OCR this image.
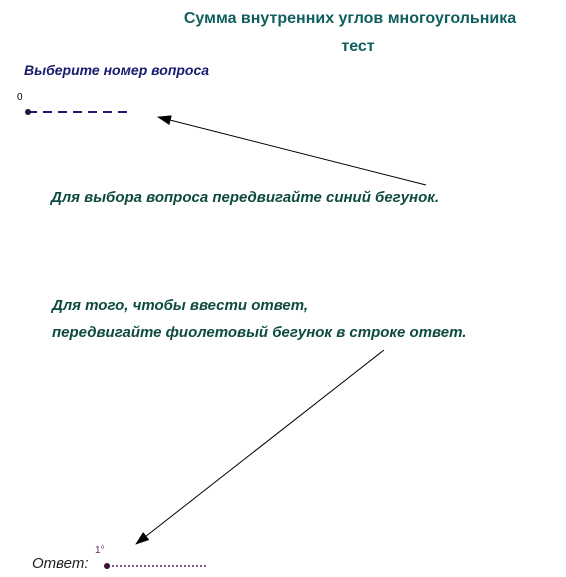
Сумма внутренних углов многоугольника
тест
Выберите номер вопроса
0
Для выбора вопроса передвигайте синий бегунок.
Для того, чтобы ввести ответ,
передвигайте фиолетовый бегунок в строке ответ.
Ответ:
1°
